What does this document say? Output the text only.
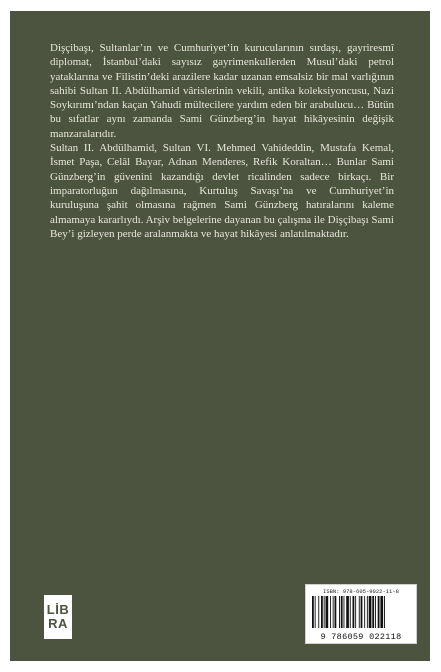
Dişçibaşı, Sultanlar’ın ve Cumhuriyet’in kurucularının sırdaşı, gayriresmî diplomat, İstanbul’daki sayısız gayrimenkullerden Musul’daki petrol yataklarına ve Filistin’deki arazilere kadar uzanan emsalsiz bir mal varlığının sahibi Sultan II. Abdülhamid vârislerinin vekili, antika koleksiyoncusu, Nazi Soykırımı’ndan kaçan Yahudi mültecilere yardım eden bir arabulucu… Bütün bu sıfatlar aynı zamanda Sami Günzberg’in hayat hikâyesinin değişik manzaralarıdır.

Sultan II. Abdülhamid, Sultan VI. Mehmed Vahideddin, Mustafa Kemal, İsmet Paşa, Celâl Bayar, Adnan Menderes, Refik Koraltan… Bunlar Sami Günzberg’in güvenini kazandığı devlet ricalinden sadece birkaçı. Bir imparatorluğun dağılmasına, Kurtuluş Savaşı’na ve Cumhuriyet’in kuruluşuna şahit olmasına rağmen Sami Günzberg hatıralarını kaleme almamaya kararlıydı. Arşiv belgelerine dayanan bu çalışma ile Dişçibaşı Sami Bey’i gizleyen perde aralanmakta ve hayat hikâyesi anlatılmaktadır.

LİB
RA
ISBN: 978-605-9022-11-8
9 786059 022118
